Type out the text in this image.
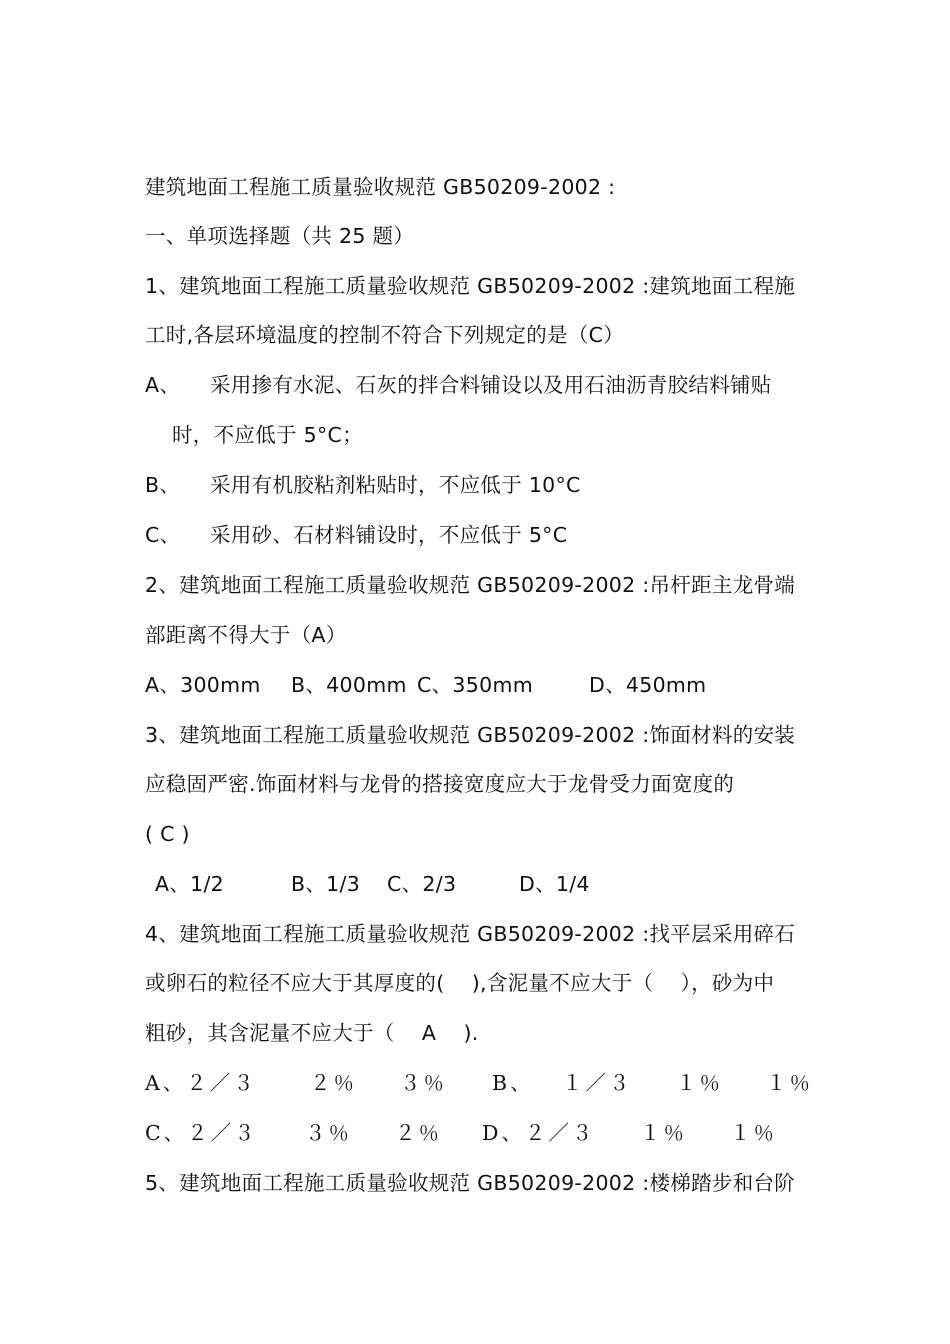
建筑地面工程施工质量验收规范 GB50209-2002 :
一、单项选择题（共 25 题）
1、建筑地面工程施工质量验收规范 GB50209-2002 :建筑地面工程施
工时,各层环境温度的控制不符合下列规定的是（C）
A、 采用掺有水泥、石灰的拌合料铺设以及用石油沥青胶结料铺贴
时，不应低于 5°C；
B、 采用有机胶粘剂粘贴时，不应低于 10°C
C、 采用砂、石材料铺设时，不应低于 5°C
2、建筑地面工程施工质量验收规范 GB50209-2002 :吊杆距主龙骨端
部距离不得大于（A）
A、300mm B、400mm C、350mm	D、450mm
3、建筑地面工程施工质量验收规范 GB50209-2002 :饰面材料的安装
应稳固严密.饰面材料与龙骨的搭接宽度应大于龙骨受力面宽度的
( C )
A、1/2	B、1/3 C、2/3	D、1/4
4、建筑地面工程施工质量验收规范 GB50209-2002 :找平层采用碎石
或卵石的粒径不应大于其厚度的(    ),含泥量不应大于（    ），砂为中
粗砂，其含泥量不应大于（    A    ).
A、２／３	２％ ３％ B、 １／３ １％ １％
C、２／３ ３％ ２％ D、２／３ １％ １％
5、建筑地面工程施工质量验收规范 GB50209-2002 :楼梯踏步和台阶
